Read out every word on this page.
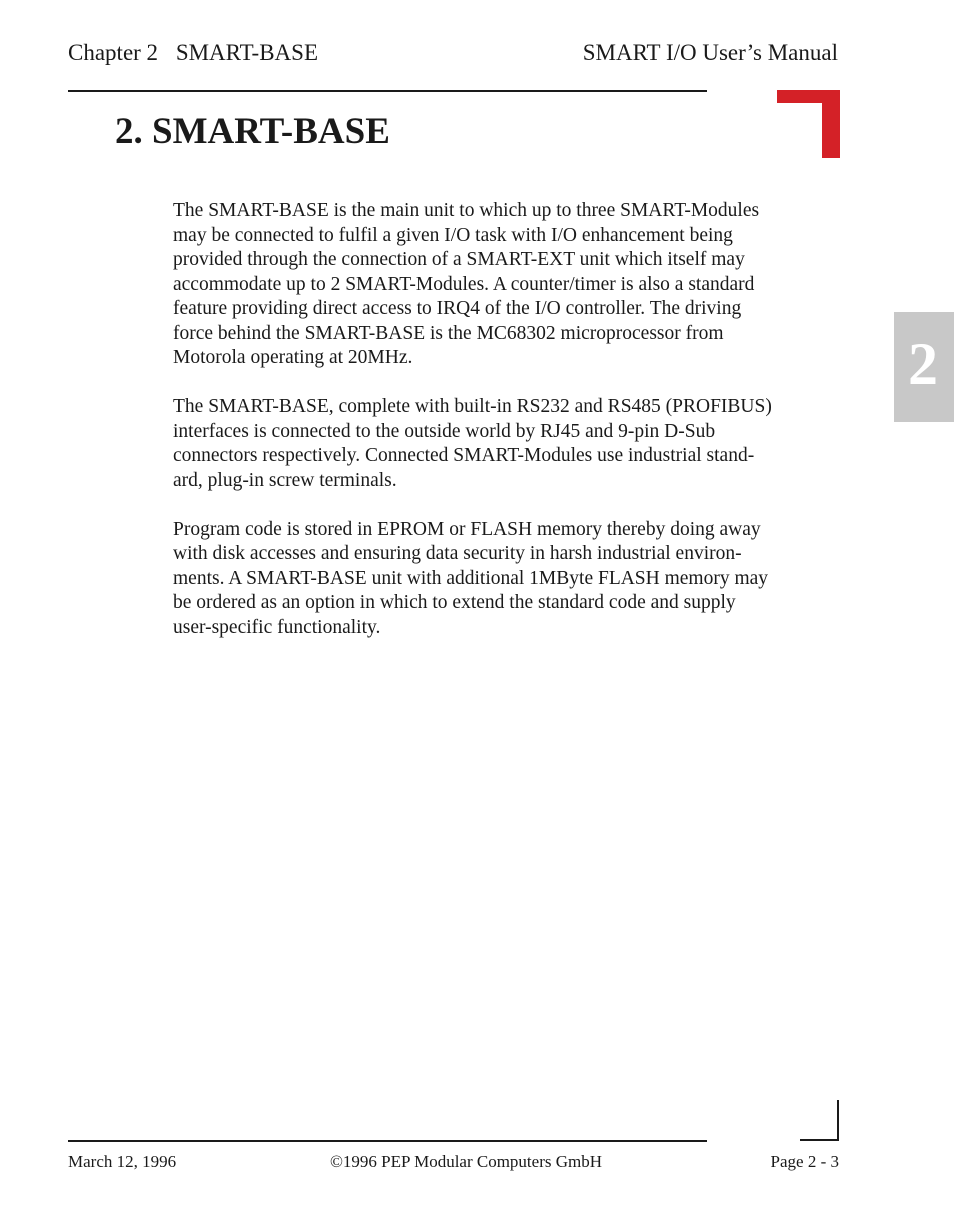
Chapter 2 SMART-BASE	SMART I/O User’s Manual
2. SMART-BASE
2

The SMART-BASE is the main unit to which up to three SMART-Modules
may be connected to fulfil a given I/O task with I/O enhancement being
provided through the connection of a SMART-EXT unit which itself may
accommodate up to 2 SMART-Modules. A counter/timer is also a standard
feature providing direct access to IRQ4 of the I/O controller. The driving
force behind the SMART-BASE is the MC68302 microprocessor from
Motorola operating at 20MHz.

The SMART-BASE, complete with built-in RS232 and RS485 (PROFIBUS)
interfaces is connected to the outside world by RJ45 and 9-pin D-Sub
connectors respectively. Connected SMART-Modules use industrial stand-
ard, plug-in screw terminals.

Program code is stored in EPROM or FLASH memory thereby doing away
with disk accesses and ensuring data security in harsh industrial environ-
ments. A SMART-BASE unit with additional 1MByte FLASH memory may
be ordered as an option in which to extend the standard code and supply
user-specific functionality.

March 12, 1996	©1996 PEP Modular Computers GmbH	Page 2 - 3
